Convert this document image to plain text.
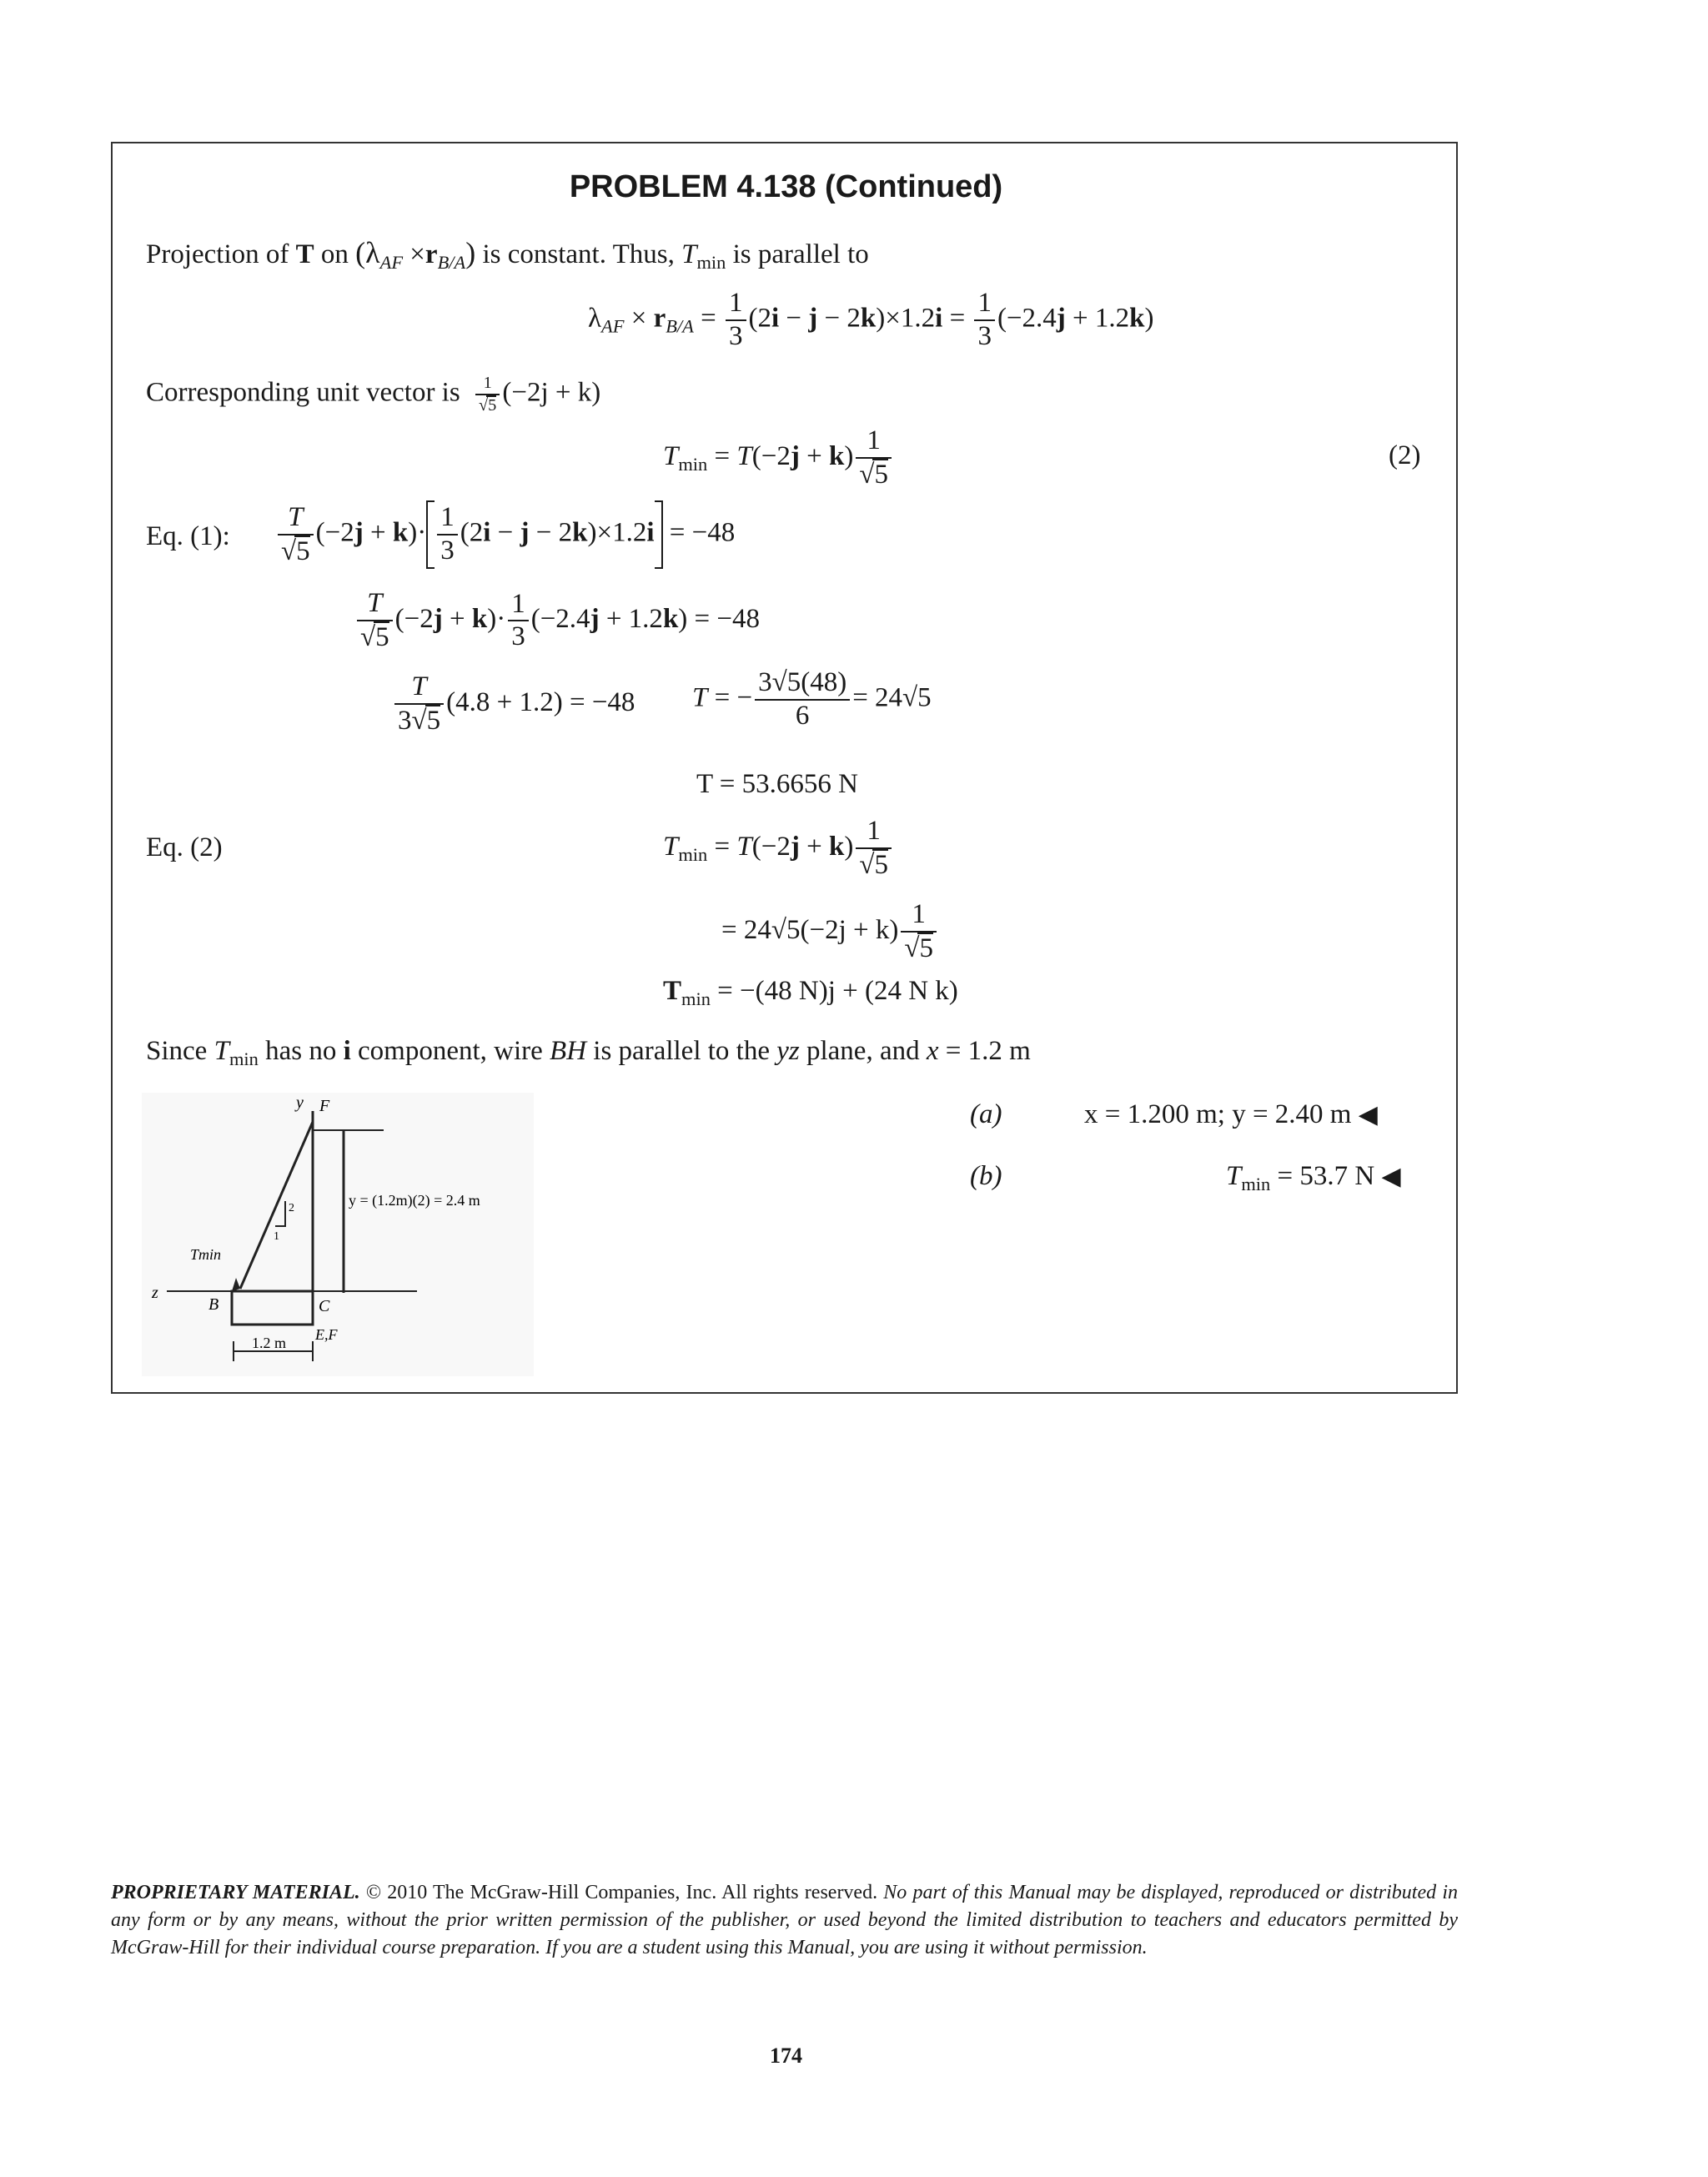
PROBLEM 4.138 (Continued)
Projection of T on $(\lambda_{AF} \times r_{B/A})$ is constant. Thus, $T_{min}$ is parallel to
$\lambda_{AF} \times r_{B/A} = \frac{1}{3} (2i - j - 2k)\times 1.2i = \frac{1}{3} (-2.4j + 1.2k)$
Corresponding unit vector is $\frac{1}{√5} (-2j + k)$
$T_{min} = T(-2j + k) \frac{1}{√5}$	(2)
Eq. (1): $\frac{T}{√5} (-2j + k)\cdot \frac{1}{3} (2i - j - 2k)\times 1.2i = -48$
$\frac{T}{√5} (-2j + k)\cdot \frac{1}{3} (-2.4j + 1.2k) = -48$
$\frac{T}{3√5} (4.8 + 1.2) = -48$ T = − $\frac{3√5(48)}{6} = 24√5$
T = 53.6656 N
Eq. (2)	$T_{min} = T(-2j + k) \frac{1}{√5}$
= $24√5(-2j + k) \frac{1}{√5}$
$T_{min} = -(48$ N)j + (24 N k)
Since $T_{min}$ has no i component, wire BH is parallel to the yz plane, and x = 1.2 m
(a)	x = 1.200 m; y = 2.40 m ◀
(b)	$T_{min} = 53.7$ N ◀
y F
z
B	C
E,F
Tmin
2
1
y = (1.2m)(2) = 2.4 m
1.2 m
PROPRIETARY MATERIAL. © 2010 The McGraw-Hill Companies, Inc. All rights reserved. No part of this Manual may be displayed, reproduced or distributed in any form or by any means, without the prior written permission of the publisher, or used beyond the limited distribution to teachers and educators permitted by McGraw-Hill for their individual course preparation. If you are a student using this Manual, you are using it without permission.
174
